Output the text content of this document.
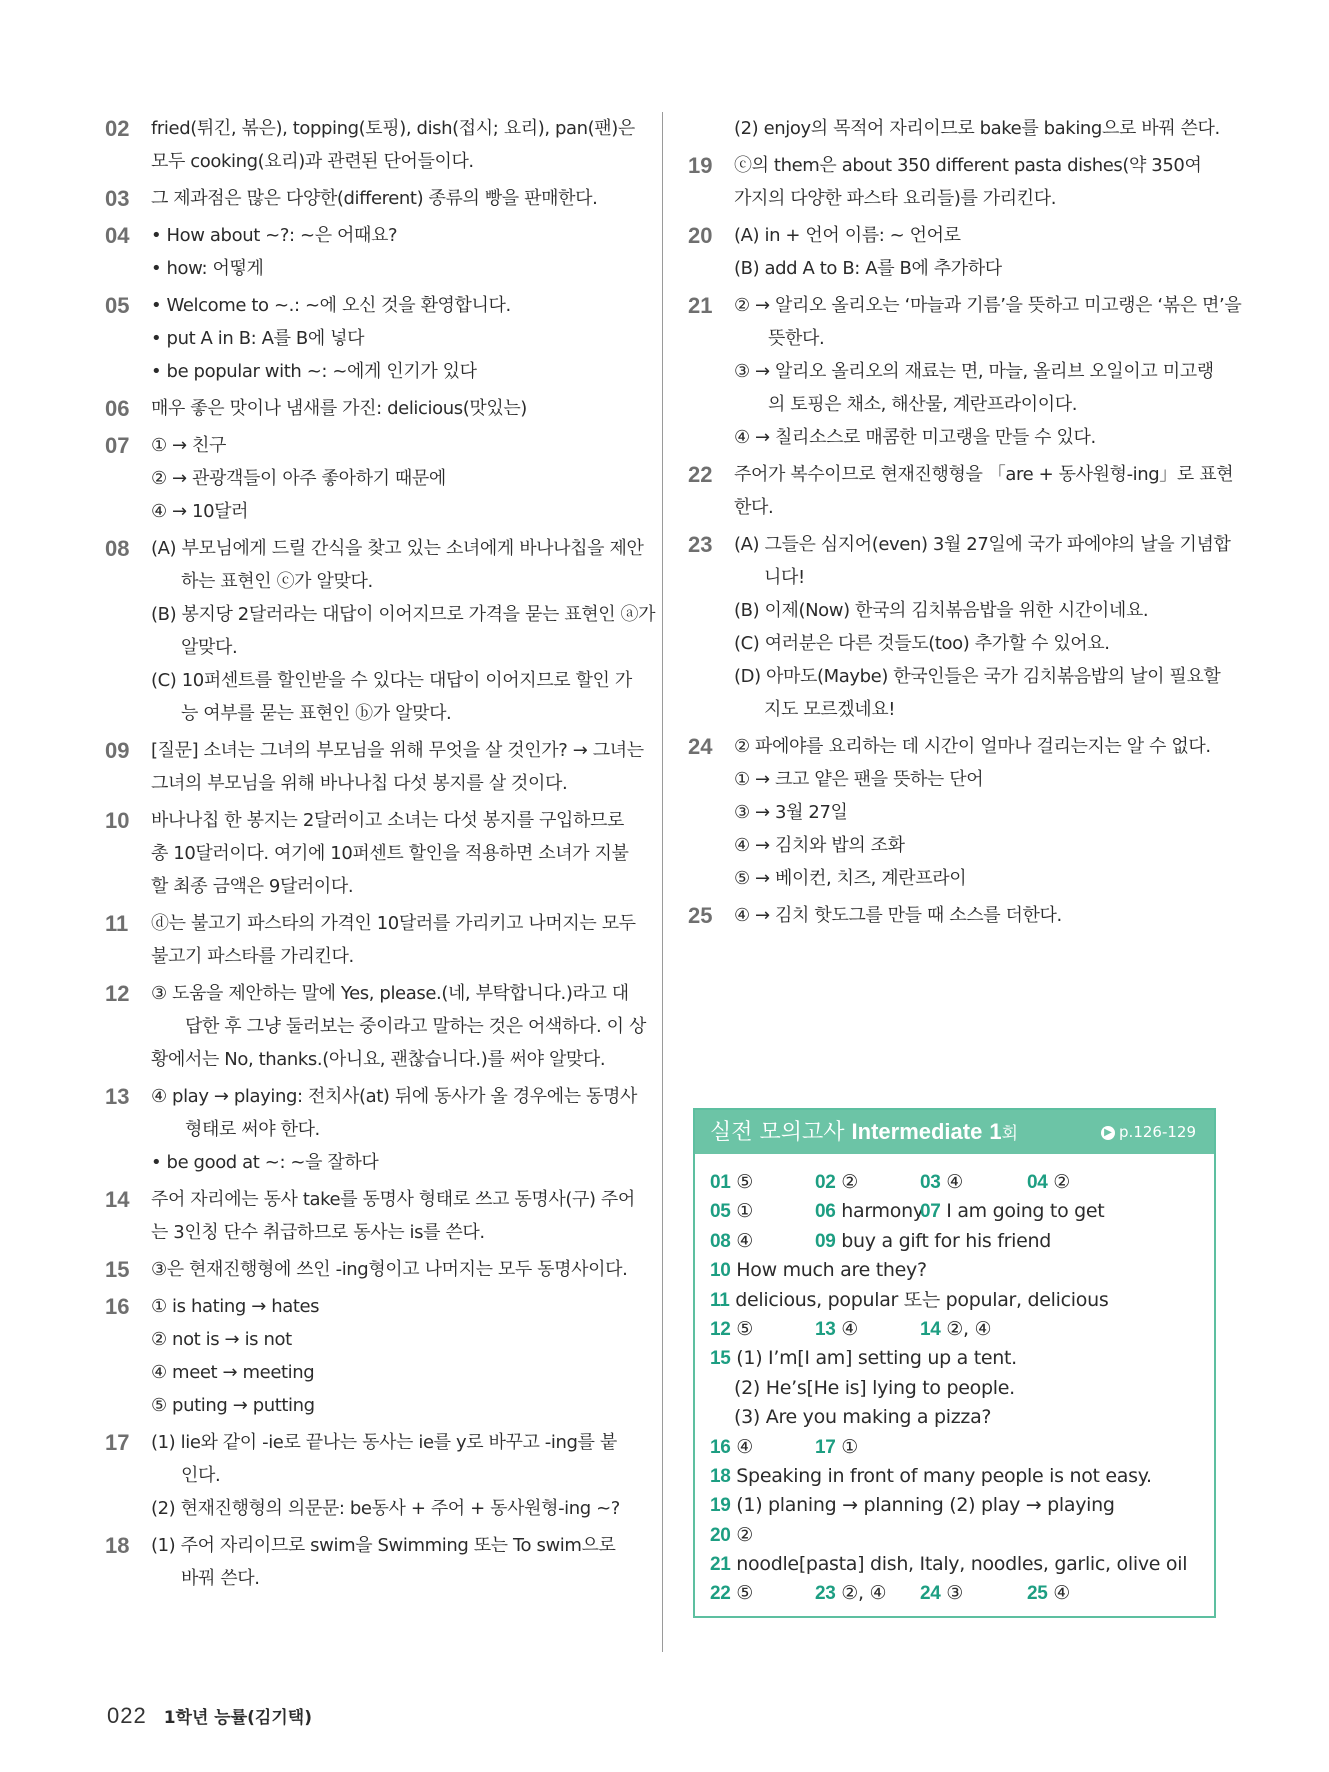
02 fried(튀긴, 볶은), topping(토핑), dish(접시; 요리), pan(팬)은
모두 cooking(요리)과 관련된 단어들이다.
03 그 제과점은 많은 다양한(different) 종류의 빵을 판매한다.
04 • How about ~?: ~은 어때요?
• how: 어떻게
05 • Welcome to ~.: ~에 오신 것을 환영합니다.
• put A in B: A를 B에 넣다
• be popular with ~: ~에게 인기가 있다
06 매우 좋은 맛이나 냄새를 가진: delicious(맛있는)
07 ① → 친구
② → 관광객들이 아주 좋아하기 때문에
④ → 10달러
08 (A) 부모님에게 드릴 간식을 찾고 있는 소녀에게 바나나칩을 제안
하는 표현인 ⓒ가 알맞다.
(B) 봉지당 2달러라는 대답이 이어지므로 가격을 묻는 표현인 ⓐ가
알맞다.
(C) 10퍼센트를 할인받을 수 있다는 대답이 이어지므로 할인 가
능 여부를 묻는 표현인 ⓑ가 알맞다.
09 [질문] 소녀는 그녀의 부모님을 위해 무엇을 살 것인가? → 그녀는
그녀의 부모님을 위해 바나나칩 다섯 봉지를 살 것이다.
10 바나나칩 한 봉지는 2달러이고 소녀는 다섯 봉지를 구입하므로
총 10달러이다. 여기에 10퍼센트 할인을 적용하면 소녀가 지불
할 최종 금액은 9달러이다.
11 ⓓ는 불고기 파스타의 가격인 10달러를 가리키고 나머지는 모두
불고기 파스타를 가리킨다.
12 ③ 도움을 제안하는 말에 Yes, please.(네, 부탁합니다.)라고 대
답한 후 그냥 둘러보는 중이라고 말하는 것은 어색하다. 이 상
황에서는 No, thanks.(아니요, 괜찮습니다.)를 써야 알맞다.
13 ④ play → playing: 전치사(at) 뒤에 동사가 올 경우에는 동명사
형태로 써야 한다.
• be good at ~: ~을 잘하다
14 주어 자리에는 동사 take를 동명사 형태로 쓰고 동명사(구) 주어
는 3인칭 단수 취급하므로 동사는 is를 쓴다.
15 ③은 현재진행형에 쓰인 -ing형이고 나머지는 모두 동명사이다.
16 ① is hating → hates
② not is → is not
④ meet → meeting
⑤ puting → putting
17 (1) lie와 같이 -ie로 끝나는 동사는 ie를 y로 바꾸고 -ing를 붙
인다.
(2) 현재진행형의 의문문: be동사 + 주어 + 동사원형-ing ~?
18 (1) 주어 자리이므로 swim을 Swimming 또는 To swim으로
바꿔 쓴다.
(2) enjoy의 목적어 자리이므로 bake를 baking으로 바꿔 쓴다.
19 ⓒ의 them은 about 350 different pasta dishes(약 350여
가지의 다양한 파스타 요리들)를 가리킨다.
20 (A) in + 언어 이름: ~ 언어로
(B) add A to B: A를 B에 추가하다
21 ② → 알리오 올리오는 ‘마늘과 기름’을 뜻하고 미고랭은 ‘볶은 면’을
뜻한다.
③ → 알리오 올리오의 재료는 면, 마늘, 올리브 오일이고 미고랭
의 토핑은 채소, 해산물, 계란프라이이다.
④ → 칠리소스로 매콤한 미고랭을 만들 수 있다.
22 주어가 복수이므로 현재진행형을 「are + 동사원형-ing」로 표현
한다.
23 (A) 그들은 심지어(even) 3월 27일에 국가 파에야의 날을 기념합
니다!
(B) 이제(Now) 한국의 김치볶음밥을 위한 시간이네요.
(C) 여러분은 다른 것들도(too) 추가할 수 있어요.
(D) 아마도(Maybe) 한국인들은 국가 김치볶음밥의 날이 필요할
지도 모르겠네요!
24 ② 파에야를 요리하는 데 시간이 얼마나 걸리는지는 알 수 없다.
① → 크고 얕은 팬을 뜻하는 단어
③ → 3월 27일
④ → 김치와 밥의 조화
⑤ → 베이컨, 치즈, 계란프라이
25 ④ → 김치 핫도그를 만들 때 소스를 더한다.
실전 모의고사 Intermediate 1회	▶ p.126-129
01 ⑤	02 ②	03 ④	04 ②
05 ①	06 harmony
07 I am going to get
08 ④	09 buy a gift for his friend
10 How much are they?
11 delicious, popular 또는 popular, delicious
12 ⑤	13 ④	14 ②, ④
15 (1) I’m[I am] setting up a tent.
(2) He’s[He is] lying to people.
(3) Are you making a pizza?
16 ④	17 ①
18 Speaking in front of many people is not easy.
19 (1) planing → planning (2) play → playing
20 ②
21 noodle[pasta] dish, Italy, noodles, garlic, olive oil
22 ⑤	23 ②, ④ 24 ③	25 ④
022 1학년 능률(김기택)
